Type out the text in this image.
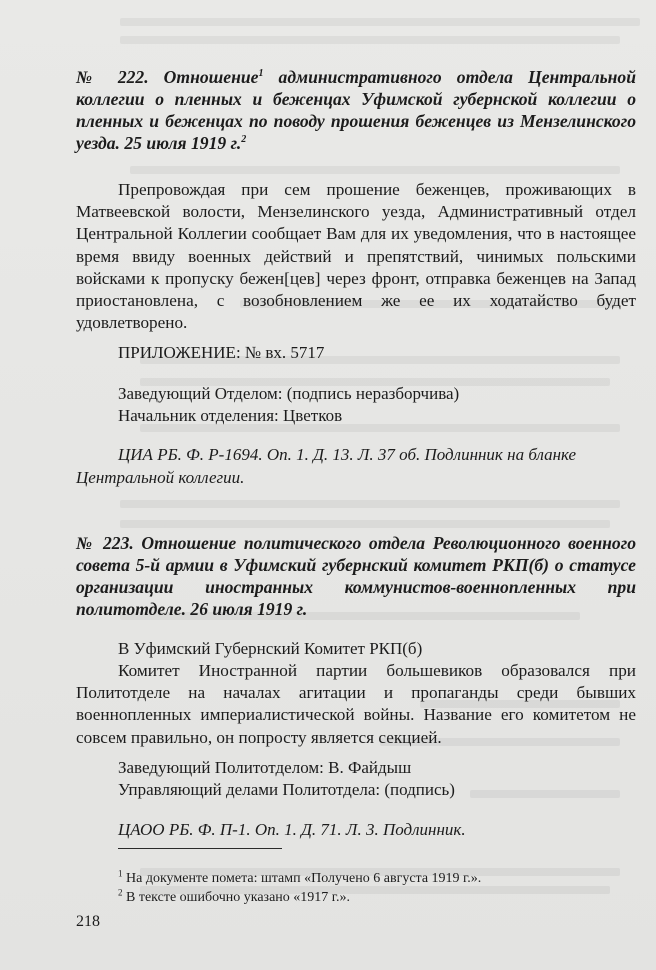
№ 222. Отношение$^1$ административного отдела Центральной коллегии о пленных и беженцах Уфимской губернской коллегии о пленных и беженцах по поводу прошения беженцев из Мензелинского уезда. 25 июля 1919 г.$^2$

Препровождая при сем прошение беженцев, проживающих в Матвеевской волости, Мензелинского уезда, Административный отдел Центральной Коллегии сообщает Вам для их уведомления, что в настоящее время ввиду военных действий и препятствий, чинимых польскими войсками к пропуску бежен[цев] через фронт, отправка беженцев на Запад приостановлена, с возобновлением же ее их ходатайство будет удовлетворено.

ПРИЛОЖЕНИЕ: № вх. 5717

Заведующий Отделом: (подпись неразборчива)

Начальник отделения: Цветков

ЦИА РБ. Ф. Р-1694. Оп. 1. Д. 13. Л. 37 об. Подлинник на бланке Центральной коллегии.

№ 223. Отношение политического отдела Революционного военного совета 5-й армии в Уфимский губернский комитет РКП(б) о статусе организации иностранных коммунистов-военнопленных при политотделе. 26 июля 1919 г.

В Уфимский Губернский Комитет РКП(б)

Комитет Иностранной партии большевиков образовался при Политотделе на началах агитации и пропаганды среди бывших военнопленных империалистической войны. Название его комитетом не совсем правильно, он попросту является секцией.

Заведующий Политотделом: В. Файдыш

Управляющий делами Политотдела: (подпись)

ЦАОО РБ. Ф. П-1. Оп. 1. Д. 71. Л. 3. Подлинник.

$^1$ На документе помета: штамп «Получено 6 августа 1919 г.».

$^2$ В тексте ошибочно указано «1917 г.».

218
